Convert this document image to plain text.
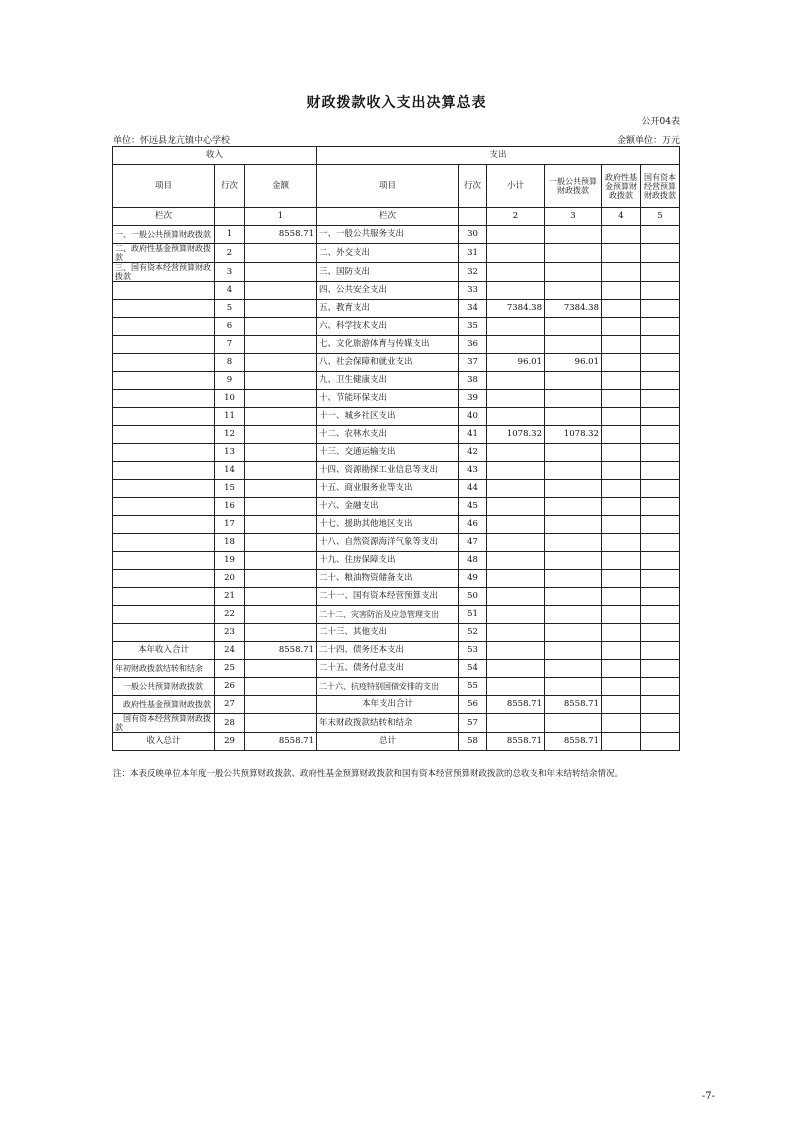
财政拨款收入支出决算总表
公开04表
单位：怀远县龙亢镇中心学校	金额单位：万元
收入			支出					
项目	行次	金额	项目	行次	小计	一般公共预算财政拨款	政府性基金预算财政拨款	国有资本经营预算财政拨款
栏次		1	栏次		2	3	4	5
一、一般公共预算财政拨款	1	8558.71	一、一般公共服务支出	30				
二、政府性基金预算财政拨款	2		二、外交支出	31				
三、国有资本经营预算财政拨款	3		三、国防支出	32				
	4		四、公共安全支出	33				
	5		五、教育支出	34	7384.38	7384.38		
	6		六、科学技术支出	35				
	7		七、文化旅游体育与传媒支出	36				
	8		八、社会保障和就业支出	37	96.01	96.01		
	9		九、卫生健康支出	38				
	10		十、节能环保支出	39				
	11		十一、城乡社区支出	40				
	12		十二、农林水支出	41	1078.32	1078.32		
	13		十三、交通运输支出	42				
	14		十四、资源勘探工业信息等支出	43				
	15		十五、商业服务业等支出	44				
	16		十六、金融支出	45				
	17		十七、援助其他地区支出	46				
	18		十八、自然资源海洋气象等支出	47				
	19		十九、住房保障支出	48				
	20		二十、粮油物资储备支出	49				
	21		二十一、国有资本经营预算支出	50				
	22		二十二、灾害防治及应急管理支出	51				
	23		二十三、其他支出	52				
本年收入合计	24	8558.71	二十四、债务还本支出	53				
年初财政拨款结转和结余	25		二十五、债务付息支出	54				
一般公共预算财政拨款	26		二十六、抗疫特别国债安排的支出	55				
政府性基金预算财政拨款	27		本年支出合计	56	8558.71	8558.71		
国有资本经营预算财政拨款	28		年末财政拨款结转和结余	57				
收入总计	29	8558.71	总计	58	8558.71	8558.71		
注：本表反映单位本年度一般公共预算财政拨款、政府性基金预算财政拨款和国有资本经营预算财政拨款的总收支和年末结转结余情况。
-7-
